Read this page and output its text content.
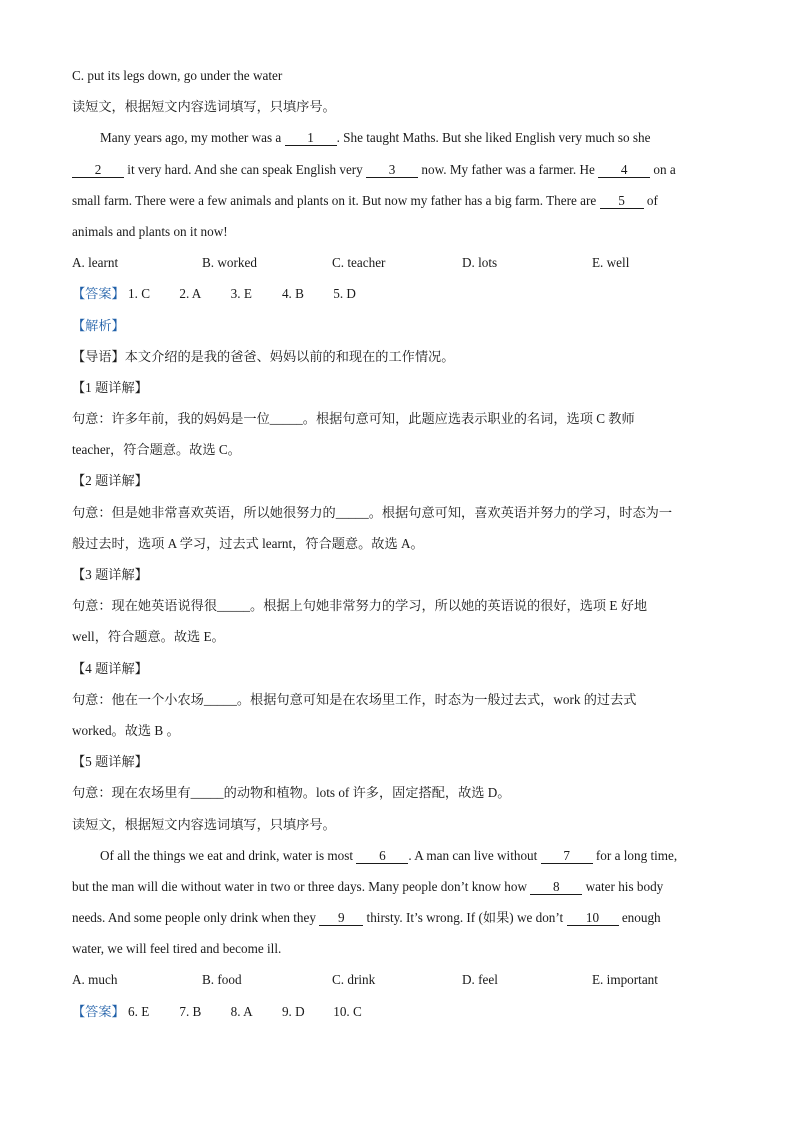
C. put its legs down, go under the water
读短文，根据短文内容选词填写，只填序号。
Many years ago, my mother was a 1 . She taught Maths. But she liked English very much so she
2 it very hard. And she can speak English very 3 now. My father was a farmer. He 4 on a
small farm. There were a few animals and plants on it. But now my father has a big farm. There are 5 of
animals and plants on it now!
A. learnt	B. worked	C. teacher	D. lots	E. well
【答案】 1. C 2. A 3. E 4. B 5. D
【解析】
【导语】本文介绍的是我的爸爸、妈妈以前的和现在的工作情况。
【1 题详解】
句意：许多年前，我的妈妈是一位_____。根据句意可知，此题应选表示职业的名词，选项 C 教师
teacher，符合题意。故选 C。
【2 题详解】
句意：但是她非常喜欢英语，所以她很努力的_____。根据句意可知，喜欢英语并努力的学习，时态为一
般过去时，选项 A 学习，过去式 learnt，符合题意。故选 A。
【3 题详解】
句意：现在她英语说得很_____。根据上句她非常努力的学习，所以她的英语说的很好，选项 E 好地
well，符合题意。故选 E。
【4 题详解】
句意：他在一个小农场_____。根据句意可知是在农场里工作，时态为一般过去式，work 的过去式
worked。故选 B 。
【5 题详解】
句意：现在农场里有_____的动物和植物。lots of 许多，固定搭配，故选 D。
读短文，根据短文内容选词填写，只填序号。
Of all the things we eat and drink, water is most 6 . A man can live without 7 for a long time,
but the man will die without water in two or three days. Many people don’t know how 8 water his body
needs. And some people only drink when they 9 thirsty. It’s wrong. If (如果) we don’t 10 enough
water, we will feel tired and become ill.
A. much	B. food	C. drink	D. feel	E. important
【答案】 6. E 7. B 8. A 9. D 10. C
